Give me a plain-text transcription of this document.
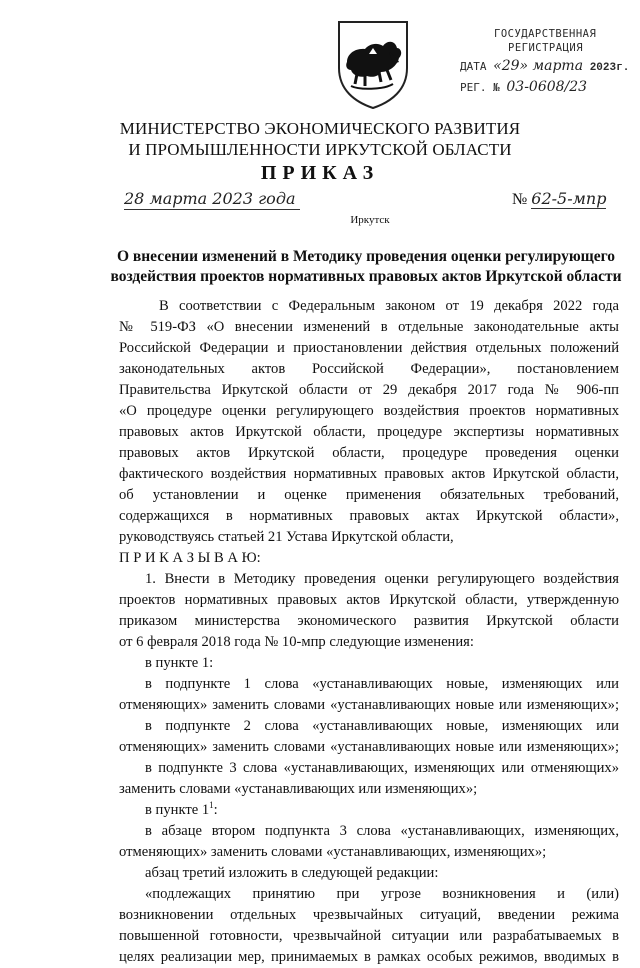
ГОСУДАРСТВЕННАЯ
РЕГИСТРАЦИЯ
ДАТА «29» марта 2023г.
РЕГ. № 03-0608/23
МИНИСТЕРСТВО ЭКОНОМИЧЕСКОГО РАЗВИТИЯ
И ПРОМЫШЛЕННОСТИ ИРКУТСКОЙ ОБЛАСТИ
ПРИКАЗ
28 марта 2023 года	№ 62-5-мпр
Иркутск
О внесении изменений в Методику проведения оценки регулирующего
воздействия проектов нормативных правовых актов Иркутской области
В соответствии с Федеральным законом от 19 декабря 2022 года
№ 519-ФЗ «О внесении изменений в отдельные законодательные акты
Российской Федерации и приостановлении действия отдельных положений
законодательных актов Российской Федерации», постановлением
Правительства Иркутской области от 29 декабря 2017 года № 906-пп
«О процедуре оценки регулирующего воздействия проектов нормативных
правовых актов Иркутской области, процедуре экспертизы нормативных
правовых актов Иркутской области, процедуре проведения оценки
фактического воздействия нормативных правовых актов Иркутской области,
об установлении и оценке применения обязательных требований,
содержащихся в нормативных правовых актах Иркутской области»,
руководствуясь статьей 21 Устава Иркутской области,
П Р И К А З Ы В А Ю:
1. Внести в Методику проведения оценки регулирующего воздействия
проектов нормативных правовых актов Иркутской области, утвержденную
приказом министерства экономического развития Иркутской области
от 6 февраля 2018 года № 10-мпр следующие изменения:
в пункте 1:
в подпункте 1 слова «устанавливающих новые, изменяющих или
отменяющих» заменить словами «устанавливающих новые или изменяющих»;
в подпункте 2 слова «устанавливающих новые, изменяющих или
отменяющих» заменить словами «устанавливающих новые или изменяющих»;
в подпункте 3 слова «устанавливающих, изменяющих или отменяющих»
заменить словами «устанавливающих или изменяющих»;
в пункте $1^1$:
в абзаце втором подпункта 3 слова «устанавливающих, изменяющих,
отменяющих» заменить словами «устанавливающих, изменяющих»;
абзац третий изложить в следующей редакции:
«подлежащих принятию при угрозе возникновения и (или)
возникновении отдельных чрезвычайных ситуаций, введении режима
повышенной готовности, чрезвычайной ситуации или разрабатываемых в
целях реализации мер, принимаемых в рамках особых режимов, вводимых в
